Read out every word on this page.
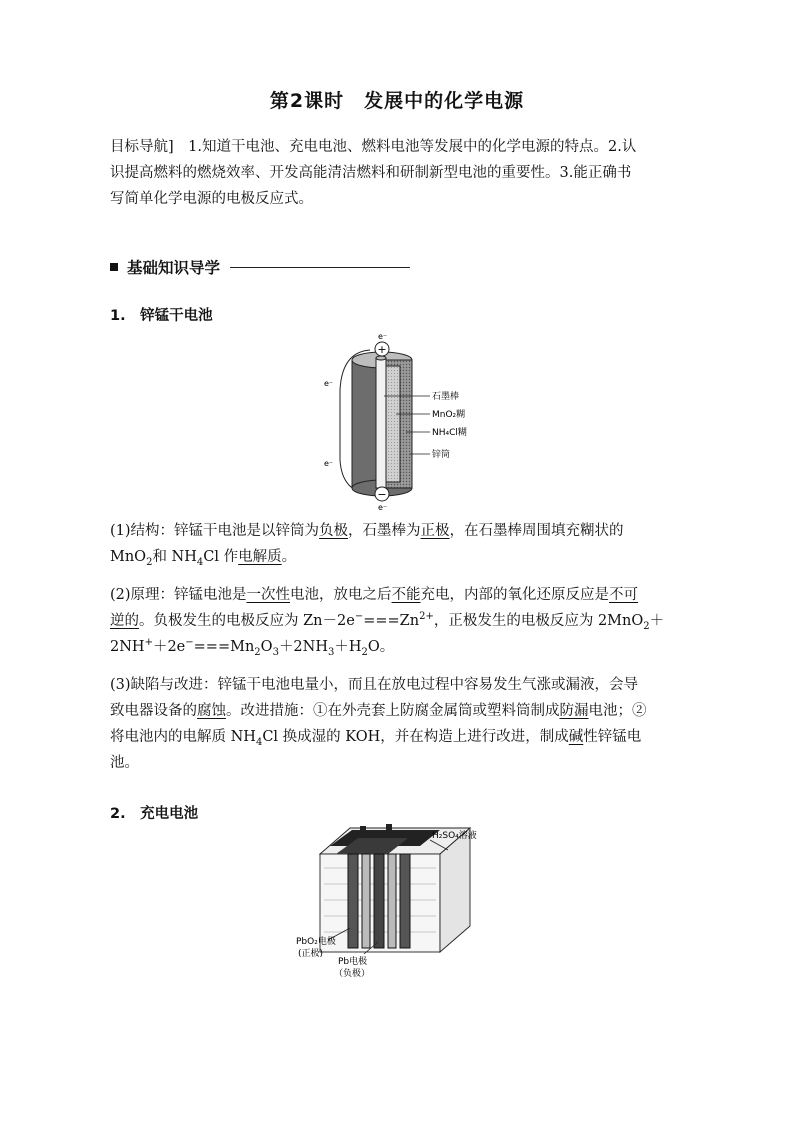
第2课时　发展中的化学电源
目标导航]　1.知道干电池、充电电池、燃料电池等发展中的化学电源的特点。2.认
识提高燃料的燃烧效率、开发高能清洁燃料和研制新型电池的重要性。3.能正确书
写简单化学电源的电极反应式。
基础知识导学
1.　锌锰干电池
+
−
e⁻
e⁻
e⁻
e⁻
石墨棒
MnO₂糊
NH₄Cl糊
锌筒
(1)结构：锌锰干电池是以锌筒为负极，石墨棒为正极，在石墨棒周围填充糊状的
MnO$_2$和 $NH_4Cl$ 作电解质。
(2)原理：锌锰电池是一次性电池，放电之后不能充电，内部的氧化还原反应是不可
逆的。负极发生的电极反应为 $Zn-2e^-===Zn^{2+}$，正极发生的电极反应为 2MnO$_2$＋
$2NH^++2e^-===Mn_2O_3+2NH_3+H_2O$。
(3)缺陷与改进：锌锰干电池电量小，而且在放电过程中容易发生气涨或漏液，会导
致电器设备的腐蚀。改进措施：①在外壳套上防腐金属筒或塑料筒制成防漏电池；②
将电池内的电解质 $NH_4Cl$ 换成湿的 KOH，并在构造上进行改进，制成碱性锌锰电
池。
2.　充电电池
H₂SO₄溶液
PbO₂电极
(正极)
Pb电极
（负极）
